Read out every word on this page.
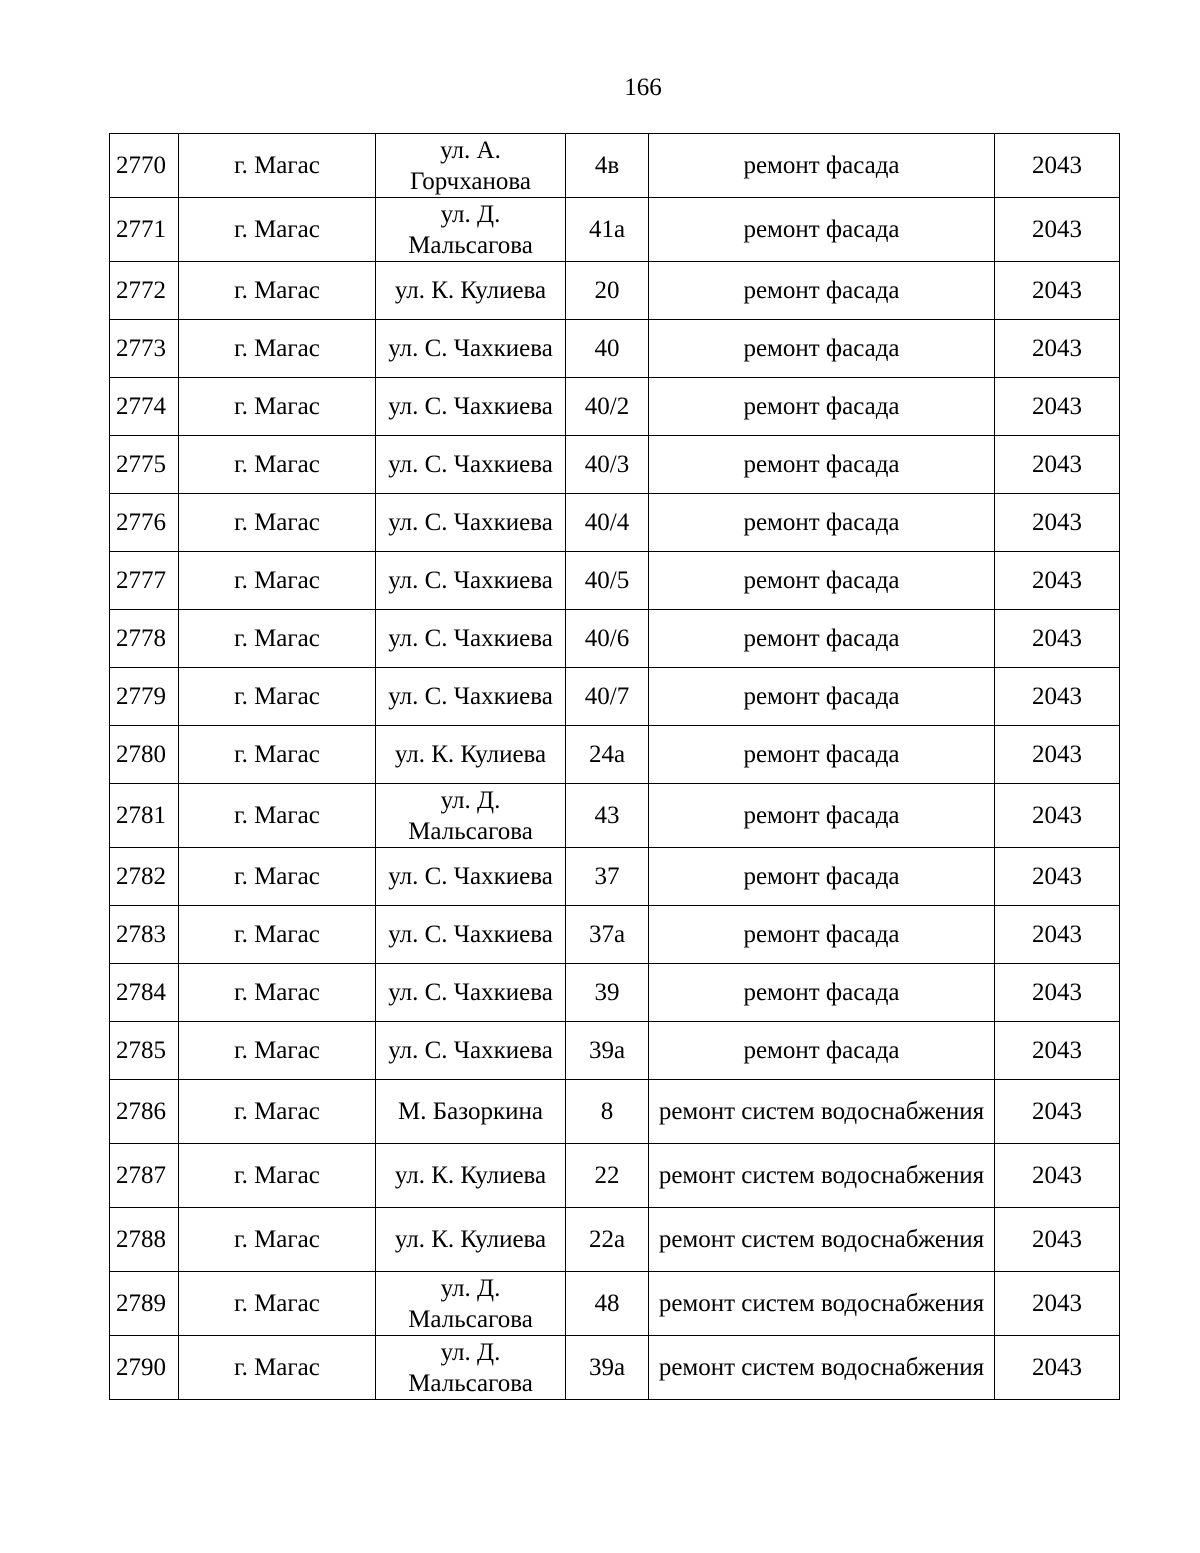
166
2770	г. Магас	ул. А. Горчханова	4в	ремонт фасада	2043
2771	г. Магас	ул. Д. Мальсагова	41а	ремонт фасада	2043
2772	г. Магас	ул. К. Кулиева	20	ремонт фасада	2043
2773	г. Магас	ул. С. Чахкиева	40	ремонт фасада	2043
2774	г. Магас	ул. С. Чахкиева	40/2	ремонт фасада	2043
2775	г. Магас	ул. С. Чахкиева	40/3	ремонт фасада	2043
2776	г. Магас	ул. С. Чахкиева	40/4	ремонт фасада	2043
2777	г. Магас	ул. С. Чахкиева	40/5	ремонт фасада	2043
2778	г. Магас	ул. С. Чахкиева	40/6	ремонт фасада	2043
2779	г. Магас	ул. С. Чахкиева	40/7	ремонт фасада	2043
2780	г. Магас	ул. К. Кулиева	24а	ремонт фасада	2043
2781	г. Магас	ул. Д. Мальсагова	43	ремонт фасада	2043
2782	г. Магас	ул. С. Чахкиева	37	ремонт фасада	2043
2783	г. Магас	ул. С. Чахкиева	37а	ремонт фасада	2043
2784	г. Магас	ул. С. Чахкиева	39	ремонт фасада	2043
2785	г. Магас	ул. С. Чахкиева	39а	ремонт фасада	2043
2786	г. Магас	М. Базоркина	8	ремонт систем водоснабжения	2043
2787	г. Магас	ул. К. Кулиева	22	ремонт систем водоснабжения	2043
2788	г. Магас	ул. К. Кулиева	22а	ремонт систем водоснабжения	2043
2789	г. Магас	ул. Д. Мальсагова	48	ремонт систем водоснабжения	2043
2790	г. Магас	ул. Д. Мальсагова	39а	ремонт систем водоснабжения	2043
